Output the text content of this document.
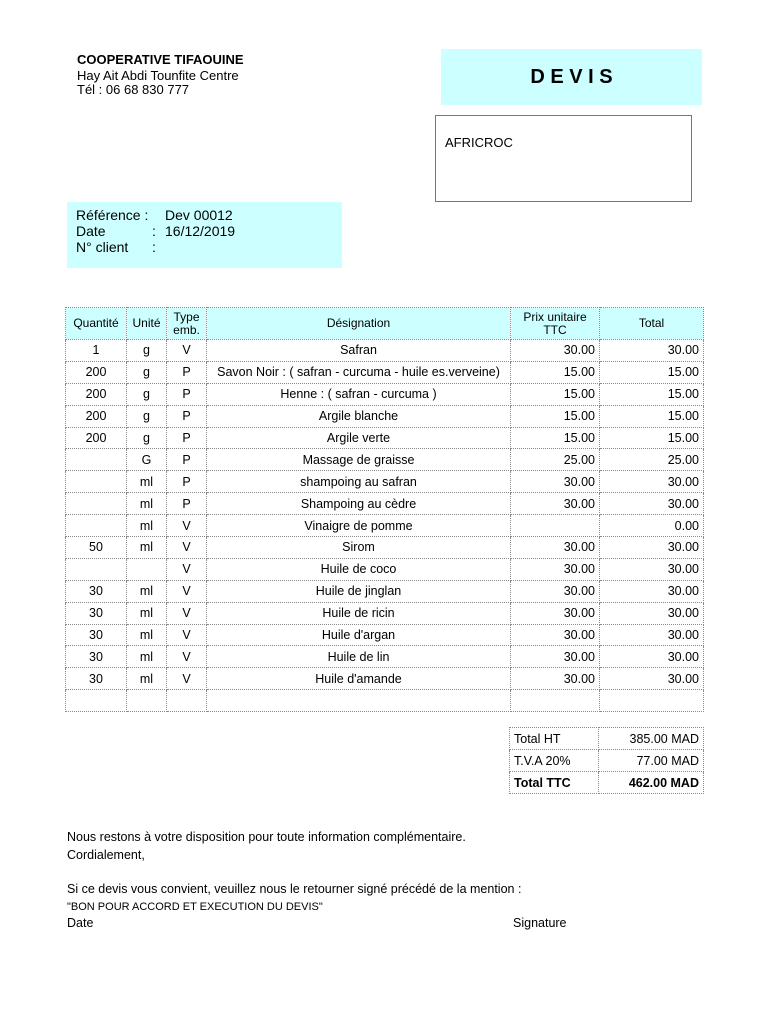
COOPERATIVE TIFAOUINE
Hay Ait Abdi Tounfite Centre
Tél : 06 68 830 777
D E V I S
AFRICROC
Référence : Dev 00012
Date	: 16/12/2019
N° client :
Quantité	Unité	Type emb.	Désignation	Prix unitaire TTC	Total
1	g	V	Safran	30.00	30.00
200	g	P	Savon Noir : ( safran - curcuma - huile es.verveine)	15.00	15.00
200	g	P	Henne : ( safran - curcuma )	15.00	15.00
200	g	P	Argile blanche	15.00	15.00
200	g	P	Argile verte	15.00	15.00
	G	P	Massage de graisse	25.00	25.00
	ml	P	shampoing au safran	30.00	30.00
	ml	P	Shampoing au cèdre	30.00	30.00
	ml	V	Vinaigre de pomme		0.00
50	ml	V	Sirom	30.00	30.00
		V	Huile de coco	30.00	30.00
30	ml	V	Huile de jinglan	30.00	30.00
30	ml	V	Huile de ricin	30.00	30.00
30	ml	V	Huile d'argan	30.00	30.00
30	ml	V	Huile de lin	30.00	30.00
30	ml	V	Huile d'amande	30.00	30.00

Total HT	385.00 MAD
T.V.A 20%	77.00 MAD
Total TTC	462.00 MAD
Nous restons à votre disposition pour toute information complémentaire.
Cordialement,
Si ce devis vous convient, veuillez nous le retourner signé précédé de la mention :
"BON POUR ACCORD ET EXECUTION DU DEVIS"
Date	Signature
